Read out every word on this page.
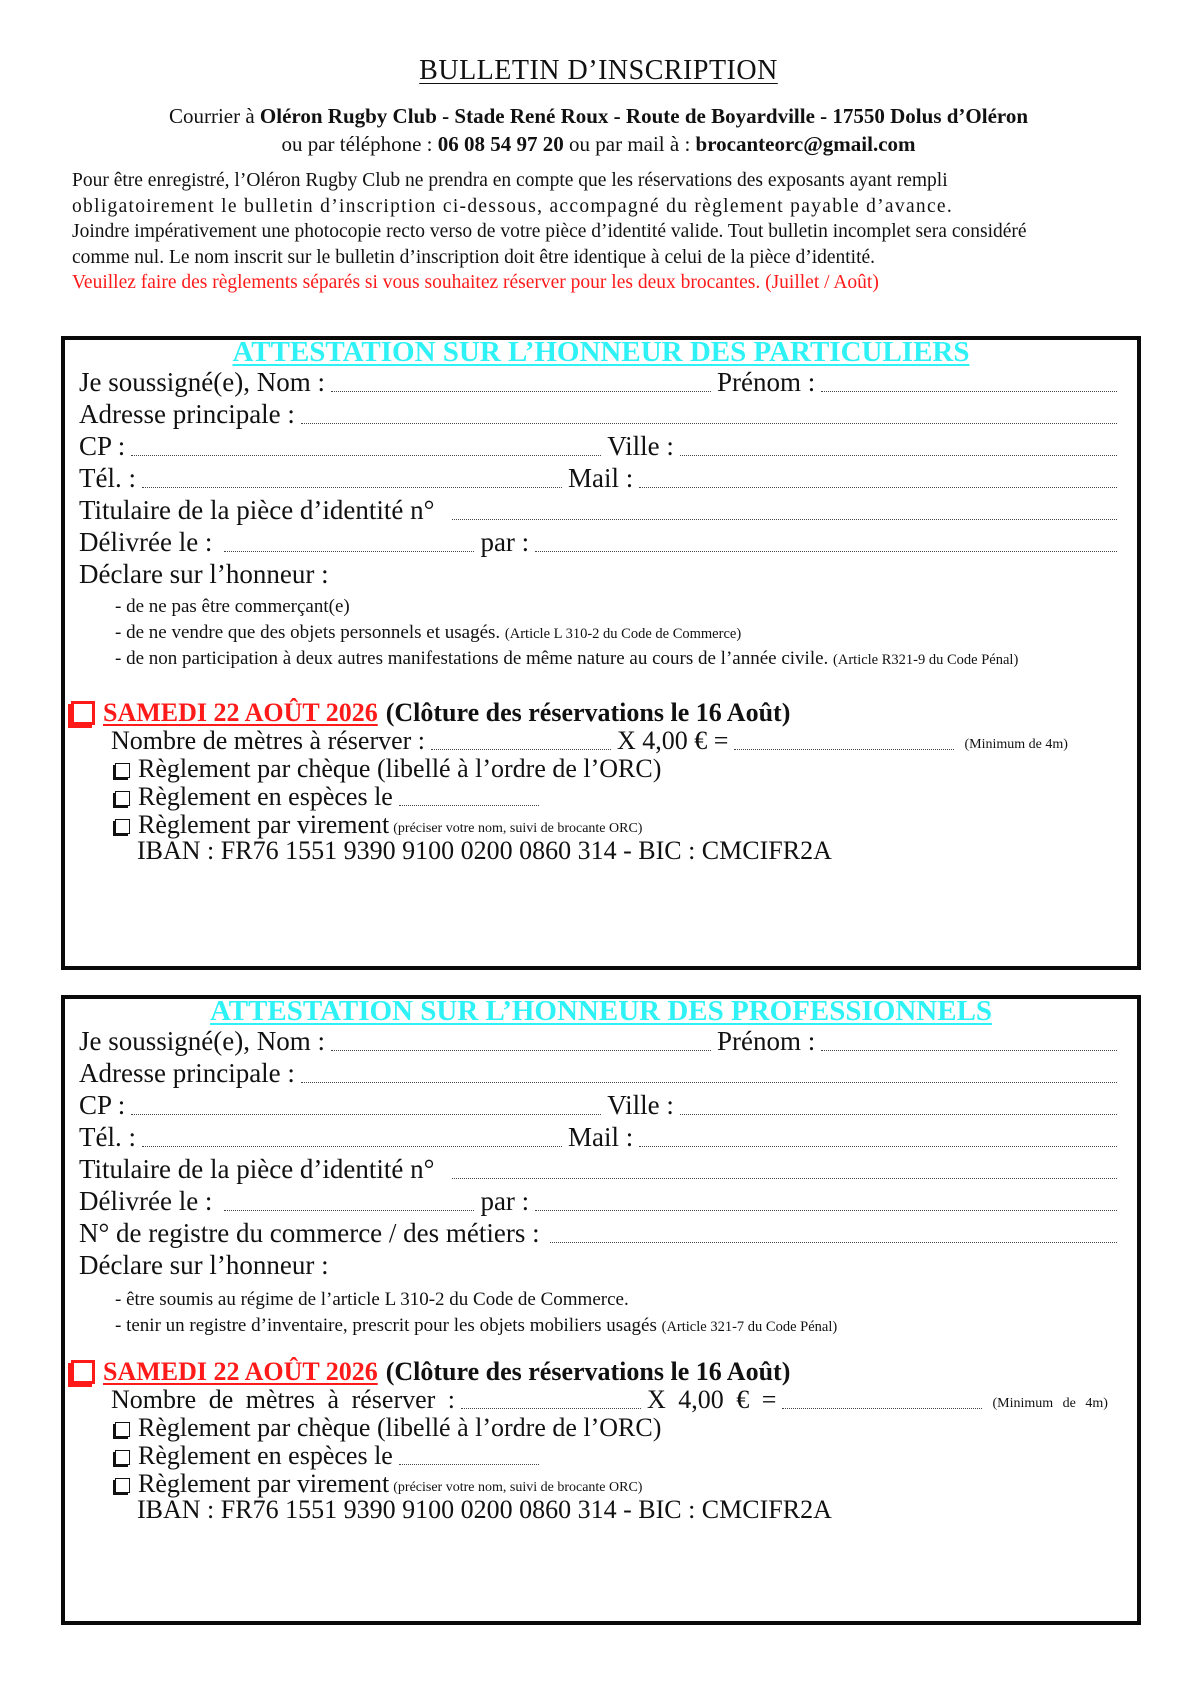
BULLETIN D’INSCRIPTION
Courrier à Oléron Rugby Club - Stade René Roux - Route de Boyardville - 17550 Dolus d’Oléron
ou par téléphone : 06 08 54 97 20 ou par mail à : brocanteorc@gmail.com
Pour être enregistré, l’Oléron Rugby Club ne prendra en compte que les réservations des exposants ayant rempli
obligatoirement le bulletin d’inscription ci-dessous, accompagné du règlement payable d’avance.
Joindre impérativement une photocopie recto verso de votre pièce d’identité valide. Tout bulletin incomplet sera considéré
comme nul. Le nom inscrit sur le bulletin d’inscription doit être identique à celui de la pièce d’identité.
Veuillez faire des règlements séparés si vous souhaitez réserver pour les deux brocantes. (Juillet / Août)
ATTESTATION SUR L’HONNEUR DES PARTICULIERS
Je soussigné(e), Nom :	Prénom :
Adresse principale :
CP :	Ville :
Tél. :	Mail :
Titulaire de la pièce d’identité n°
Délivrée le :	par :
Déclare sur l’honneur :
- de ne pas être commerçant(e)
- de ne vendre que des objets personnels et usagés. (Article L 310-2 du Code de Commerce)
- de non participation à deux autres manifestations de même nature au cours de l’année civile. (Article R321-9 du Code Pénal)
SAMEDI 22 AOÛT 2026 (Clôture des réservations le 16 Août)
Nombre de mètres à réserver :	X 4,00 € =	(Minimum de 4m)
Règlement par chèque (libellé à l’ordre de l’ORC)
Règlement en espèces le
Règlement par virement (préciser votre nom, suivi de brocante ORC)
IBAN : FR76 1551 9390 9100 0200 0860 314 - BIC : CMCIFR2A
ATTESTATION SUR L’HONNEUR DES PROFESSIONNELS
Je soussigné(e), Nom :	Prénom :
Adresse principale :
CP :	Ville :
Tél. :	Mail :
Titulaire de la pièce d’identité n°
Délivrée le :	par :
N° de registre du commerce / des métiers :
Déclare sur l’honneur :
- être soumis au régime de l’article L 310-2 du Code de Commerce.
- tenir un registre d’inventaire, prescrit pour les objets mobiliers usagés (Article 321-7 du Code Pénal)
SAMEDI 22 AOÛT 2026 (Clôture des réservations le 16 Août)
Nombre de mètres à réserver :	X 4,00 € =	(Minimum de 4m)
Règlement par chèque (libellé à l’ordre de l’ORC)
Règlement en espèces le
Règlement par virement (préciser votre nom, suivi de brocante ORC)
IBAN : FR76 1551 9390 9100 0200 0860 314 - BIC : CMCIFR2A
